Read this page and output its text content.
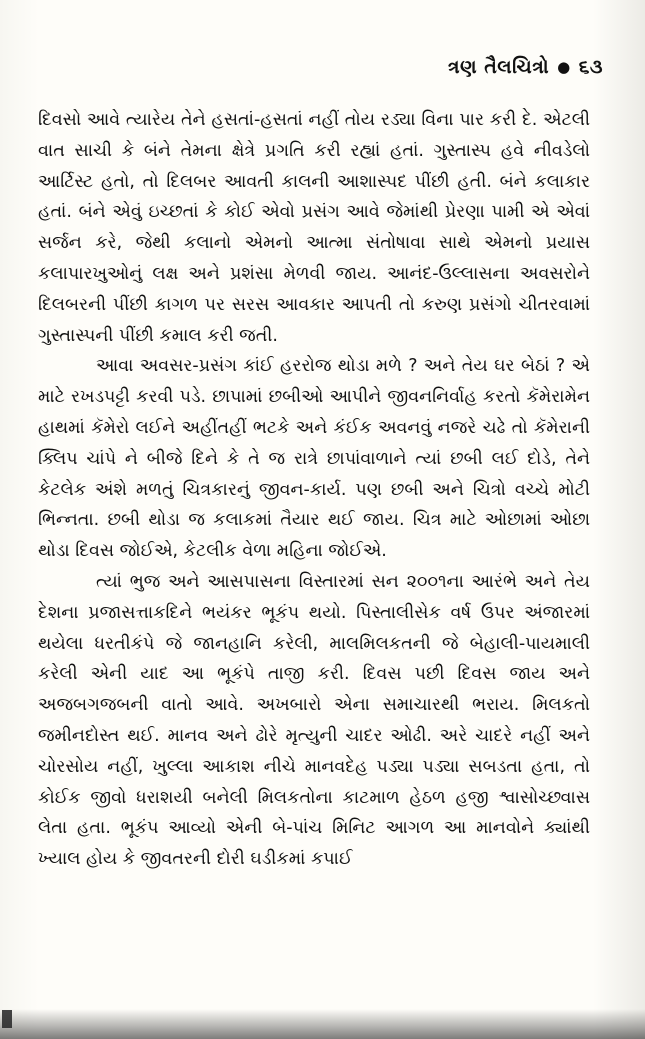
ત્રણ તૈલચિત્રો ● ૬૩

દિવસો આવે ત્યારેય તેને હસતાં-હસતાં નહીં તોય રડ્યા વિના પાર કરી દે. એટલી વાત સાચી કે બંને તેમના ક્ષેત્રે પ્રગતિ કરી રહ્યાં હતાં. ગુસ્તાસ્પ હવે નીવડેલો આર્ટિસ્ટ હતો, તો દિલબર આવતી કાલની આશાસ્પદ પીંછી હતી. બંને કલાકાર હતાં. બંને એવું ઇચ્છતાં કે કોઈ એવો પ્રસંગ આવે જેમાંથી પ્રેરણા પામી એ એવાં સર્જન કરે, જેથી કલાનો એમનો આત્મા સંતોષાવા સાથે એમનો પ્રયાસ કલાપારખુઓનું લક્ષ અને પ્રશંસા મેળવી જાય. આનંદ-ઉલ્લાસના અવસરોને દિલબરની પીંછી કાગળ પર સરસ આવકાર આપતી તો કરુણ પ્રસંગો ચીતરવામાં ગુસ્તાસ્પની પીંછી કમાલ કરી જતી.

આવા અવસર-પ્રસંગ કાંઈ હરરોજ થોડા મળે ? અને તેય ઘર બેઠાં ? એ માટે રખડપટ્ટી કરવી પડે. છાપામાં છબીઓ આપીને જીવનનિર્વાહ કરતો કૅમેરામેન હાથમાં કૅમેરો લઈને અહીંતહીં ભટકે અને કંઈક અવનવું નજરે ચઢે તો કૅમેરાની ક્લિપ ચાંપે ને બીજે દિને કે તે જ રાત્રે છાપાંવાળાને ત્યાં છબી લઈ દોડે, તેને કેટલેક અંશે મળતું ચિત્રકારનું જીવન-કાર્ય. પણ છબી અને ચિત્રો વચ્ચે મોટી ભિન્નતા. છબી થોડા જ કલાકમાં તૈયાર થઈ જાય. ચિત્ર માટે ઓછામાં ઓછા થોડા દિવસ જોઈએ, કેટલીક વેળા મહિના જોઈએ.

ત્યાં ભુજ અને આસપાસના વિસ્તારમાં સન ૨૦૦૧ના આરંભે અને તેય દેશના પ્રજાસત્તાકદિને ભયંકર ભૂકંપ થયો. પિસ્તાલીસેક વર્ષ ઉપર અંજારમાં થયેલા ધરતીકંપે જે જાનહાનિ કરેલી, માલમિલકતની જે બેહાલી-પાયમાલી કરેલી એની યાદ આ ભૂકંપે તાજી કરી. દિવસ પછી દિવસ જાય અને અજબગજબની વાતો આવે. અખબારો એના સમાચારથી ભરાય. મિલકતો જમીનદોસ્ત થઈ. માનવ અને ઢોરે મૃત્યુની ચાદર ઓઢી. અરે ચાદરે નહીં અને ચોરસોય નહીં, ખુલ્લા આકાશ નીચે માનવદેહ પડ્યા પડ્યા સબડતા હતા, તો કોઈક જીવો ધરાશયી બનેલી મિલકતોના કાટમાળ હેઠળ હજી શ્વાસોચ્છ્વાસ લેતા હતા. ભૂકંપ આવ્યો એની બે-પાંચ મિનિટ આગળ આ માનવોને ક્યાંથી ખ્યાલ હોય કે જીવતરની દોરી ઘડીકમાં કપાઈ
